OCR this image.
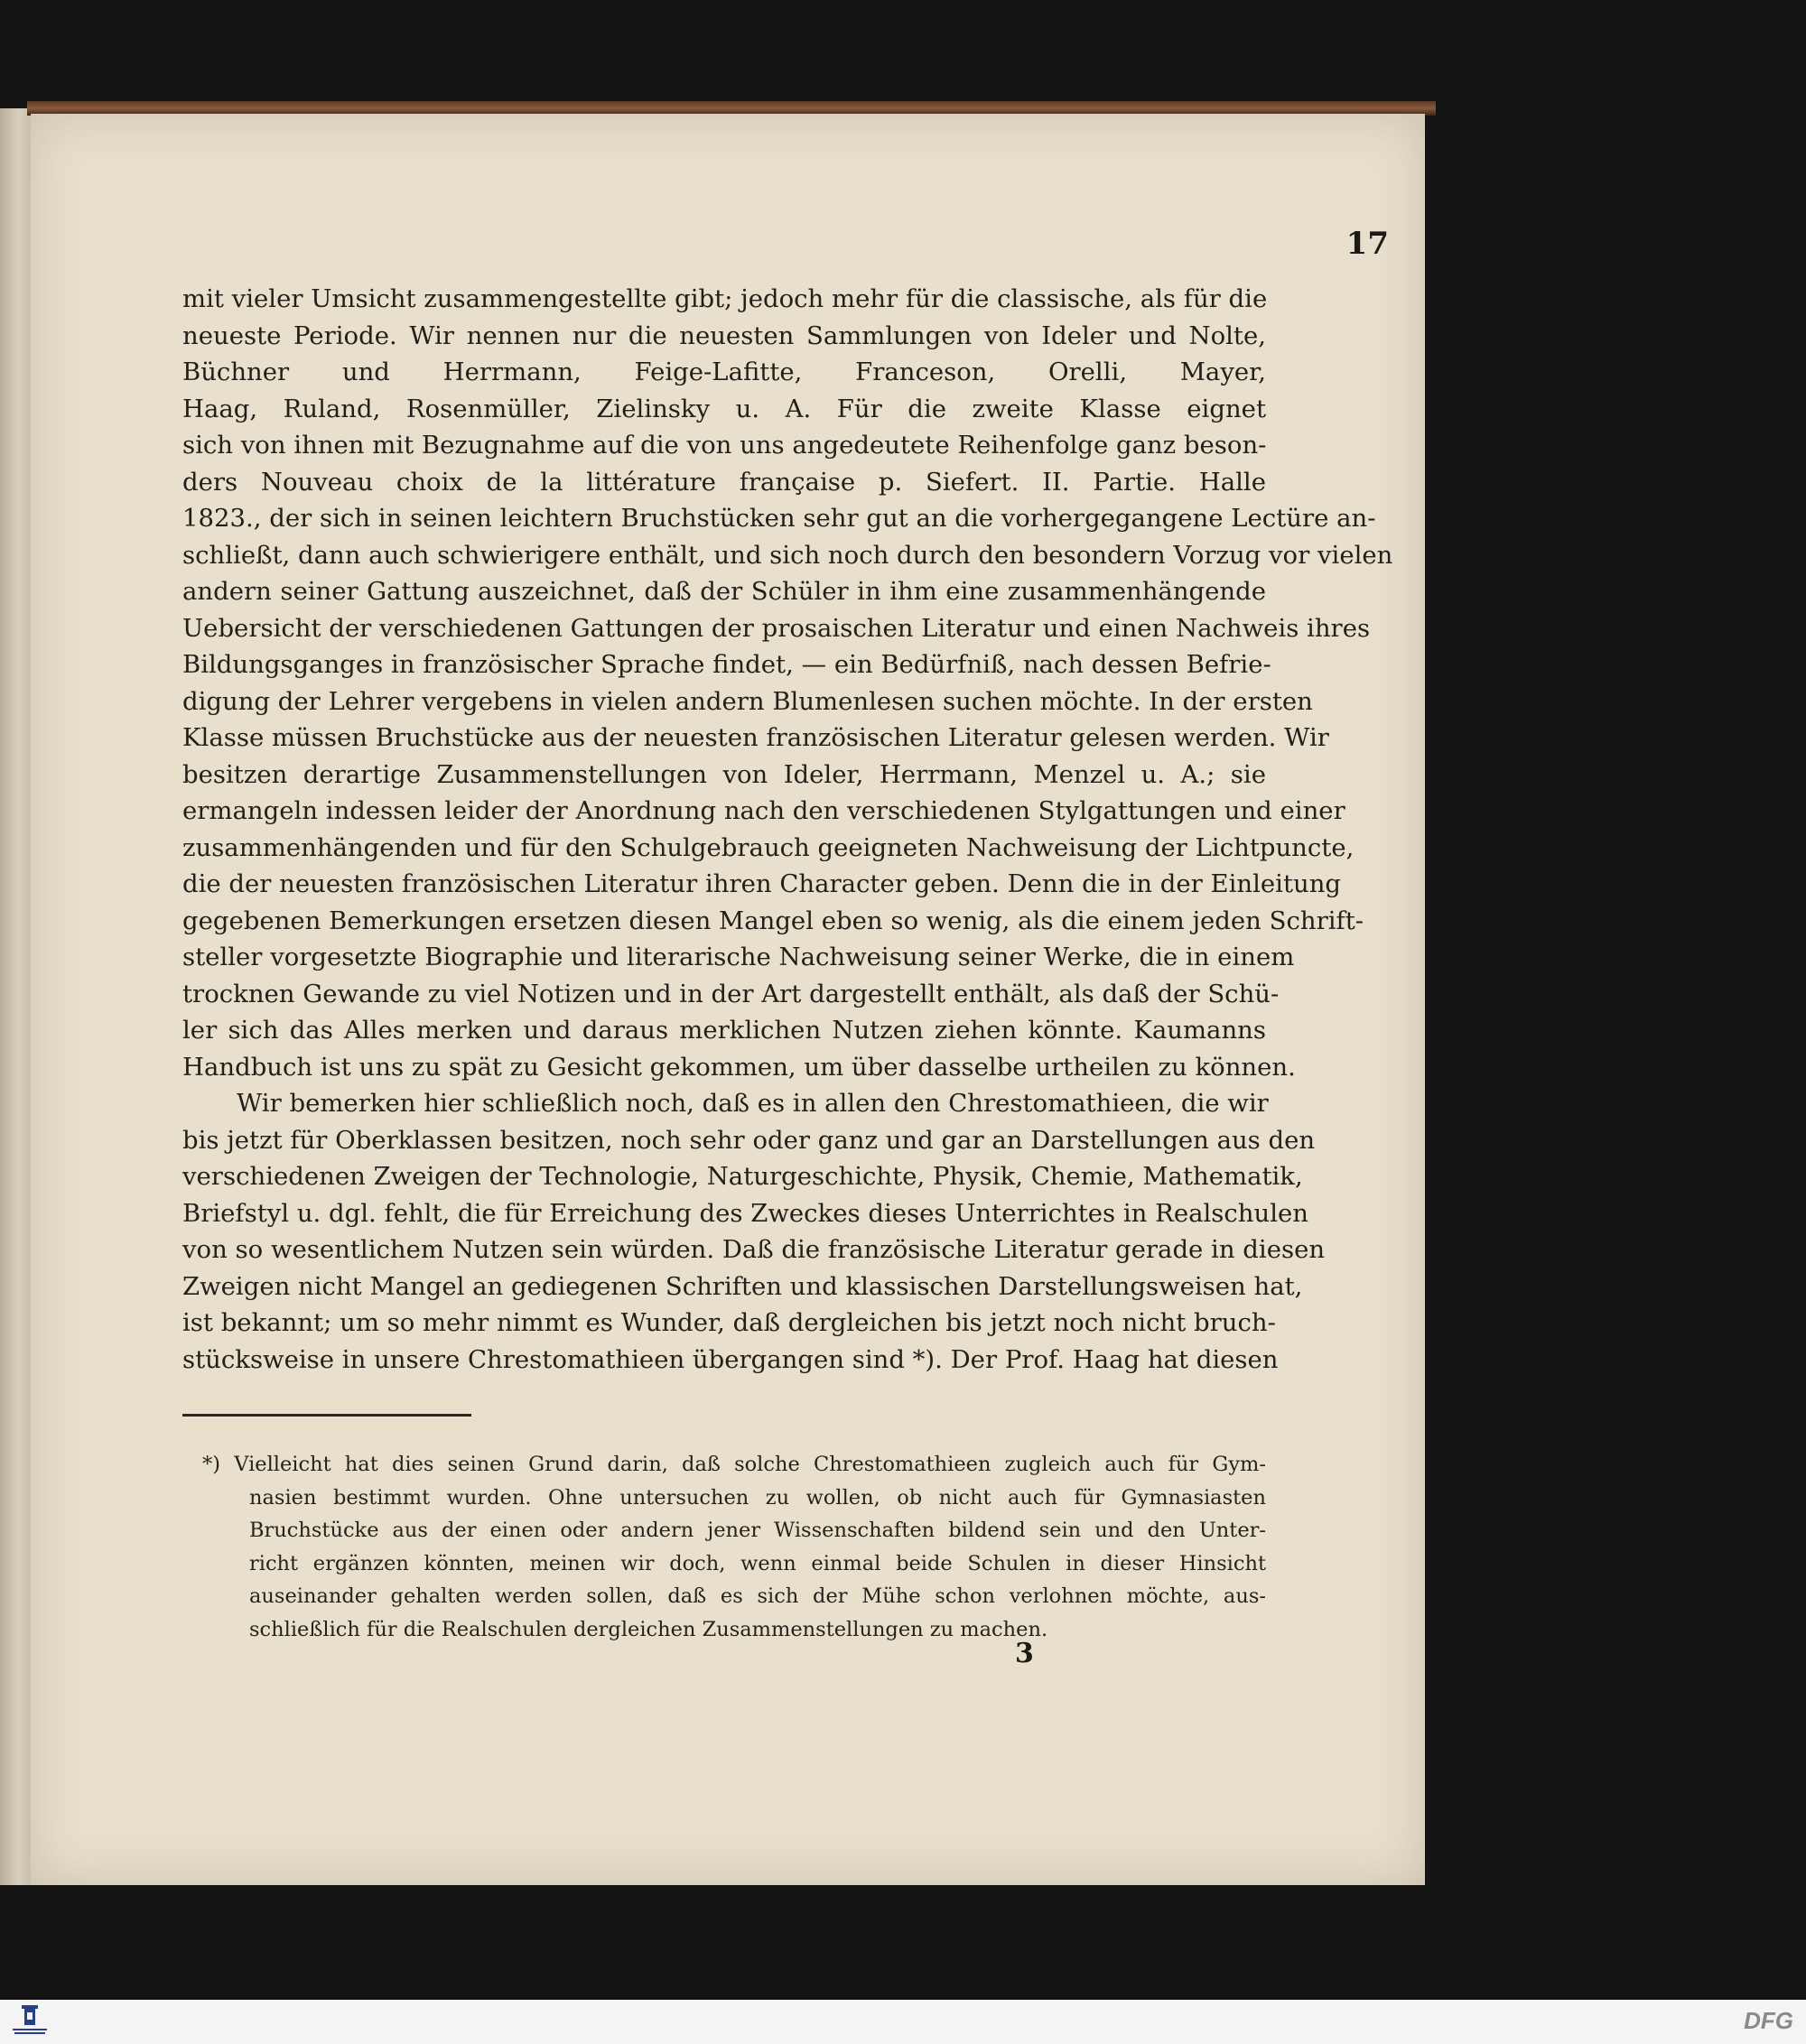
17

mit vieler Umsicht zusammengestellte gibt; jedoch mehr für die classische, als für die
neueste Periode. Wir nennen nur die neuesten Sammlungen von Ideler und Nolte,
Büchner und Herrmann, Feige-Lafitte, Franceson, Orelli, Mayer,
Haag, Ruland, Rosenmüller, Zielinsky u. A. Für die zweite Klasse eignet
sich von ihnen mit Bezugnahme auf die von uns angedeutete Reihenfolge ganz beson-
ders Nouveau choix de la littérature française p. Siefert. II. Partie. Halle
1823., der sich in seinen leichtern Bruchstücken sehr gut an die vorhergegangene Lectüre an-
schließt, dann auch schwierigere enthält, und sich noch durch den besondern Vorzug vor vielen
andern seiner Gattung auszeichnet, daß der Schüler in ihm eine zusammenhängende
Uebersicht der verschiedenen Gattungen der prosaischen Literatur und einen Nachweis ihres
Bildungsganges in französischer Sprache findet, — ein Bedürfniß, nach dessen Befrie-
digung der Lehrer vergebens in vielen andern Blumenlesen suchen möchte. In der ersten
Klasse müssen Bruchstücke aus der neuesten französischen Literatur gelesen werden. Wir
besitzen derartige Zusammenstellungen von Ideler, Herrmann, Menzel u. A.; sie
ermangeln indessen leider der Anordnung nach den verschiedenen Stylgattungen und einer
zusammenhängenden und für den Schulgebrauch geeigneten Nachweisung der Lichtpuncte,
die der neuesten französischen Literatur ihren Character geben. Denn die in der Einleitung
gegebenen Bemerkungen ersetzen diesen Mangel eben so wenig, als die einem jeden Schrift-
steller vorgesetzte Biographie und literarische Nachweisung seiner Werke, die in einem
trocknen Gewande zu viel Notizen und in der Art dargestellt enthält, als daß der Schü-
ler sich das Alles merken und daraus merklichen Nutzen ziehen könnte. Kaumanns
Handbuch ist uns zu spät zu Gesicht gekommen, um über dasselbe urtheilen zu können.

Wir bemerken hier schließlich noch, daß es in allen den Chrestomathieen, die wir
bis jetzt für Oberklassen besitzen, noch sehr oder ganz und gar an Darstellungen aus den
verschiedenen Zweigen der Technologie, Naturgeschichte, Physik, Chemie, Mathematik,
Briefstyl u. dgl. fehlt, die für Erreichung des Zweckes dieses Unterrichtes in Realschulen
von so wesentlichem Nutzen sein würden. Daß die französische Literatur gerade in diesen
Zweigen nicht Mangel an gediegenen Schriften und klassischen Darstellungsweisen hat,
ist bekannt; um so mehr nimmt es Wunder, daß dergleichen bis jetzt noch nicht bruch-
stücksweise in unsere Chrestomathieen übergangen sind *). Der Prof. Haag hat diesen

*) Vielleicht hat dies seinen Grund darin, daß solche Chrestomathieen zugleich auch für Gym-
nasien bestimmt wurden. Ohne untersuchen zu wollen, ob nicht auch für Gymnasiasten
Bruchstücke aus der einen oder andern jener Wissenschaften bildend sein und den Unter-
richt ergänzen könnten, meinen wir doch, wenn einmal beide Schulen in dieser Hinsicht
auseinander gehalten werden sollen, daß es sich der Mühe schon verlohnen möchte, aus-
schließlich für die Realschulen dergleichen Zusammenstellungen zu machen.
3
DFG
